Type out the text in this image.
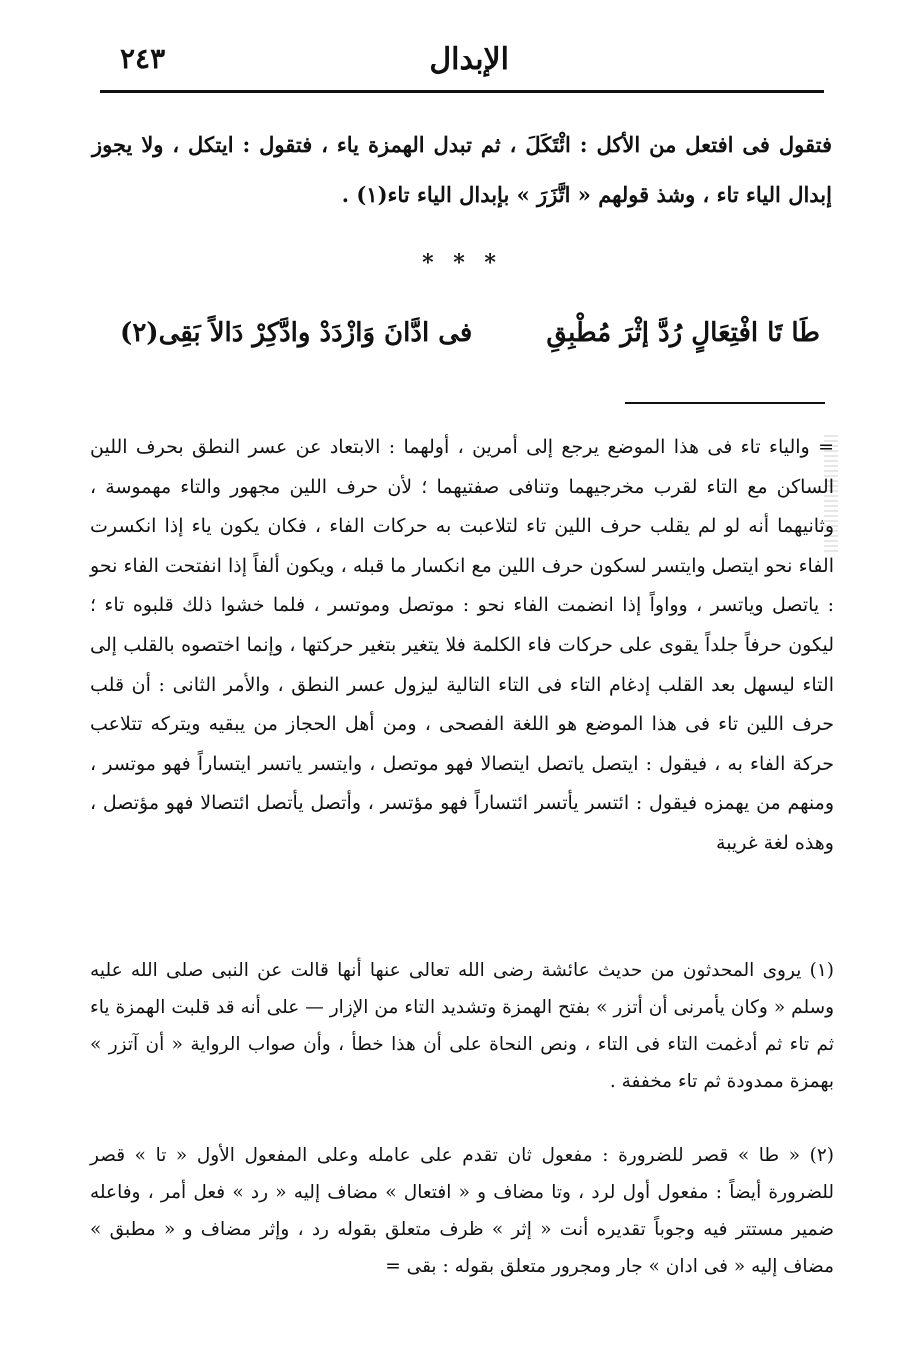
الإبدال
٢٤٣

فتقول فى افتعل من الأكل : ائْتَكَلَ ، ثم تبدل الهمزة ياء ، فتقول : ايتكل ، ولا يجوز إبدال الياء تاء ، وشذ قولهم « اتَّزَرَ » بإبدال الياء تاء(١) .

* * *
طَا تَا افْتِعَالٍ رُدَّ إثْرَ مُطْبِقِ
فى ادَّانَ وَازْدَدْ وادَّكِرْ دَالاً بَقِى(٢)

= والياء تاء فى هذا الموضع يرجع إلى أمرين ، أولهما : الابتعاد عن عسر النطق بحرف اللين الساكن مع التاء لقرب مخرجيهما وتنافى صفتيهما ؛ لأن حرف اللين مجهور والتاء مهموسة ، وثانيهما أنه لو لم يقلب حرف اللين تاء لتلاعبت به حركات الفاء ، فكان يكون ياء إذا انكسرت الفاء نحو ايتصل وايتسر لسكون حرف اللين مع انكسار ما قبله ، ويكون ألفاً إذا انفتحت الفاء نحو : ياتصل وياتسر ، وواواً إذا انضمت الفاء نحو : موتصل وموتسر ، فلما خشوا ذلك قلبوه تاء ؛ ليكون حرفاً جلداً يقوى على حركات فاء الكلمة فلا يتغير بتغير حركتها ، وإنما اختصوه بالقلب إلى التاء ليسهل بعد القلب إدغام التاء فى التاء التالية ليزول عسر النطق ، والأمر الثانى : أن قلب حرف اللين تاء فى هذا الموضع هو اللغة الفصحى ، ومن أهل الحجاز من يبقيه ويتركه تتلاعب حركة الفاء به ، فيقول : ايتصل ياتصل ايتصالا فهو موتصل ، وايتسر ياتسر ايتساراً فهو موتسر ، ومنهم من يهمزه فيقول : ائتسر يأتسر ائتساراً فهو مؤتسر ، وأتصل يأتصل ائتصالا فهو مؤتصل ، وهذه لغة غريبة

(١) يروى المحدثون من حديث عائشة رضى الله تعالى عنها أنها قالت عن النبى صلى الله عليه وسلم « وكان يأمرنى أن أتزر » بفتح الهمزة وتشديد التاء من الإزار — على أنه قد قلبت الهمزة ياء ثم تاء ثم أدغمت التاء فى التاء ، ونص النحاة على أن هذا خطأ ، وأن صواب الرواية « أن آتزر » بهمزة ممدودة ثم تاء مخففة .

(٢) « طا » قصر للضرورة : مفعول ثان تقدم على عامله وعلى المفعول الأول « تا » قصر للضرورة أيضاً : مفعول أول لرد ، وتا مضاف و « افتعال » مضاف إليه « رد » فعل أمر ، وفاعله ضمير مستتر فيه وجوباً تقديره أنت « إثر » ظرف متعلق بقوله رد ، وإثر مضاف و « مطبق » مضاف إليه « فى ادان » جار ومجرور متعلق بقوله : بقى =
